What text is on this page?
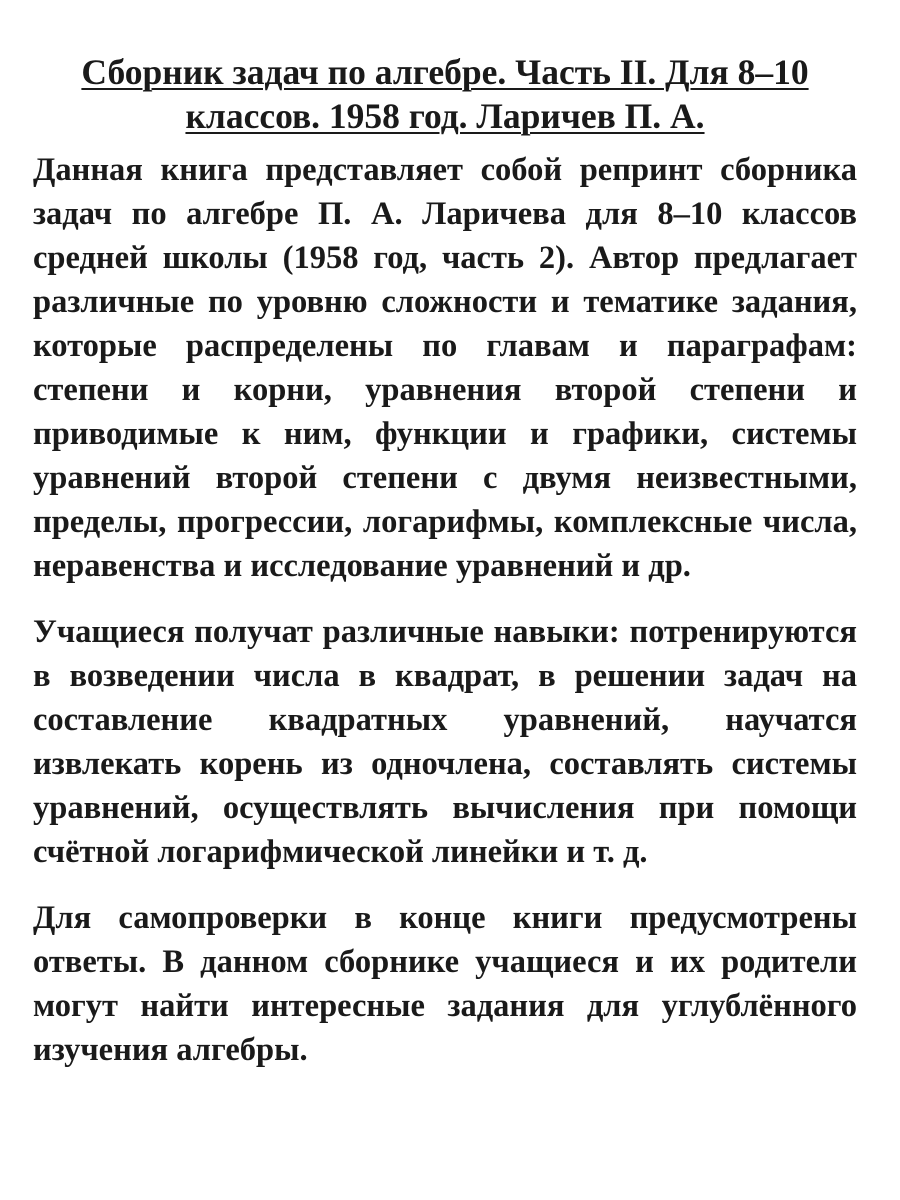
Сборник задач по алгебре. Часть II. Для 8–10 классов. 1958 год. Ларичев П. А.

Данная книга представляет собой репринт сборника задач по алгебре П. А. Ларичева для 8–10 классов средней школы (1958 год, часть 2). Автор предлагает различные по уровню сложности и тематике задания, которые распределены по главам и параграфам: степени и корни, уравнения второй степени и приводимые к ним, функции и графики, системы уравнений второй степени с двумя неизвестными, пределы, прогрессии, логарифмы, комплексные числа, неравенства и исследование уравнений и др.

Учащиеся получат различные навыки: потренируются в возведении числа в квадрат, в решении задач на составление квадратных уравнений, научатся извлекать корень из одночлена, составлять системы уравнений, осуществлять вычисления при помощи счётной логарифмической линейки и т. д.

Для самопроверки в конце книги предусмотрены ответы. В данном сборнике учащиеся и их родители могут найти интересные задания для углублённого изучения алгебры.
